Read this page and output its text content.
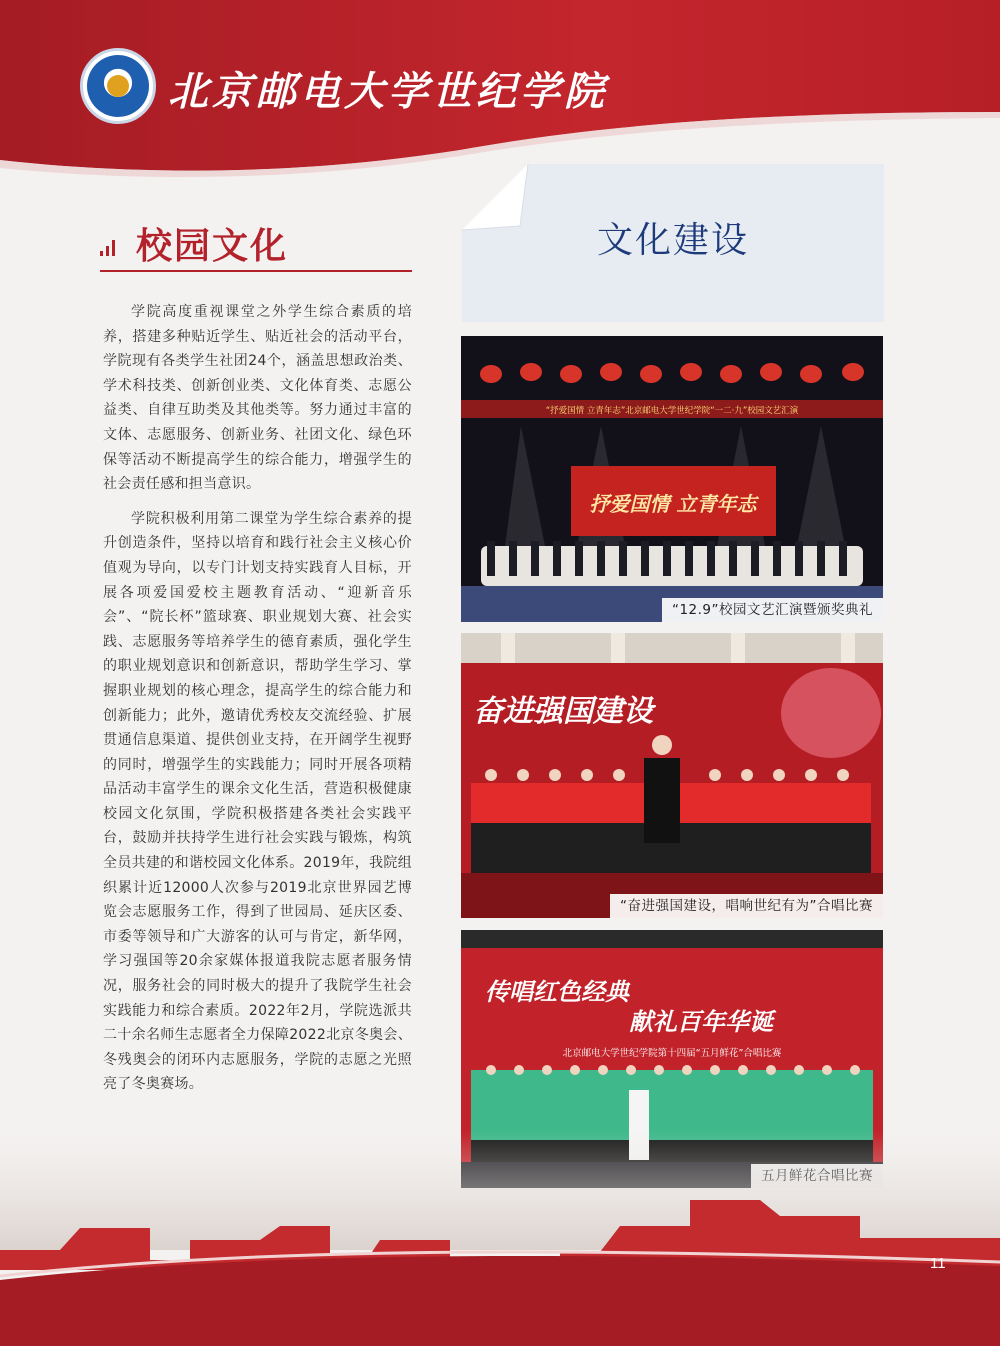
北京邮电大学世纪学院
校园文化

学院高度重视课堂之外学生综合素质的培养，搭建多种贴近学生、贴近社会的活动平台，学院现有各类学生社团24个，涵盖思想政治类、学术科技类、创新创业类、文化体育类、志愿公益类、自律互助类及其他类等。努力通过丰富的文体、志愿服务、创新业务、社团文化、绿色环保等活动不断提高学生的综合能力，增强学生的社会责任感和担当意识。

学院积极利用第二课堂为学生综合素养的提升创造条件，坚持以培育和践行社会主义核心价值观为导向，以专门计划支持实践育人目标，开展各项爱国爱校主题教育活动、“迎新音乐会”、“院长杯”篮球赛、职业规划大赛、社会实践、志愿服务等培养学生的德育素质，强化学生的职业规划意识和创新意识，帮助学生学习、掌握职业规划的核心理念，提高学生的综合能力和创新能力；此外，邀请优秀校友交流经验、扩展贯通信息渠道、提供创业支持，在开阔学生视野的同时，增强学生的实践能力；同时开展各项精品活动丰富学生的课余文化生活，营造积极健康校园文化氛围，学院积极搭建各类社会实践平台，鼓励并扶持学生进行社会实践与锻炼，构筑全员共建的和谐校园文化体系。2019年，我院组织累计近12000人次参与2019北京世界园艺博览会志愿服务工作，得到了世园局、延庆区委、市委等领导和广大游客的认可与肯定，新华网，学习强国等20余家媒体报道我院志愿者服务情况，服务社会的同时极大的提升了我院学生社会实践能力和综合素质。2022年2月，学院选派共二十余名师生志愿者全力保障2022北京冬奥会、冬残奥会的闭环内志愿服务，学院的志愿之光照亮了冬奥赛场。

文化建设
“抒爱国情 立青年志”北京邮电大学世纪学院“一二·九”校园文艺汇演
抒爱国情 立青年志
“12.9”校园文艺汇演暨颁奖典礼
奋进强国建设
“奋进强国建设，唱响世纪有为”合唱比赛
传唱红色经典
献礼百年华诞
北京邮电大学世纪学院第十四届“五月鲜花”合唱比赛
11
